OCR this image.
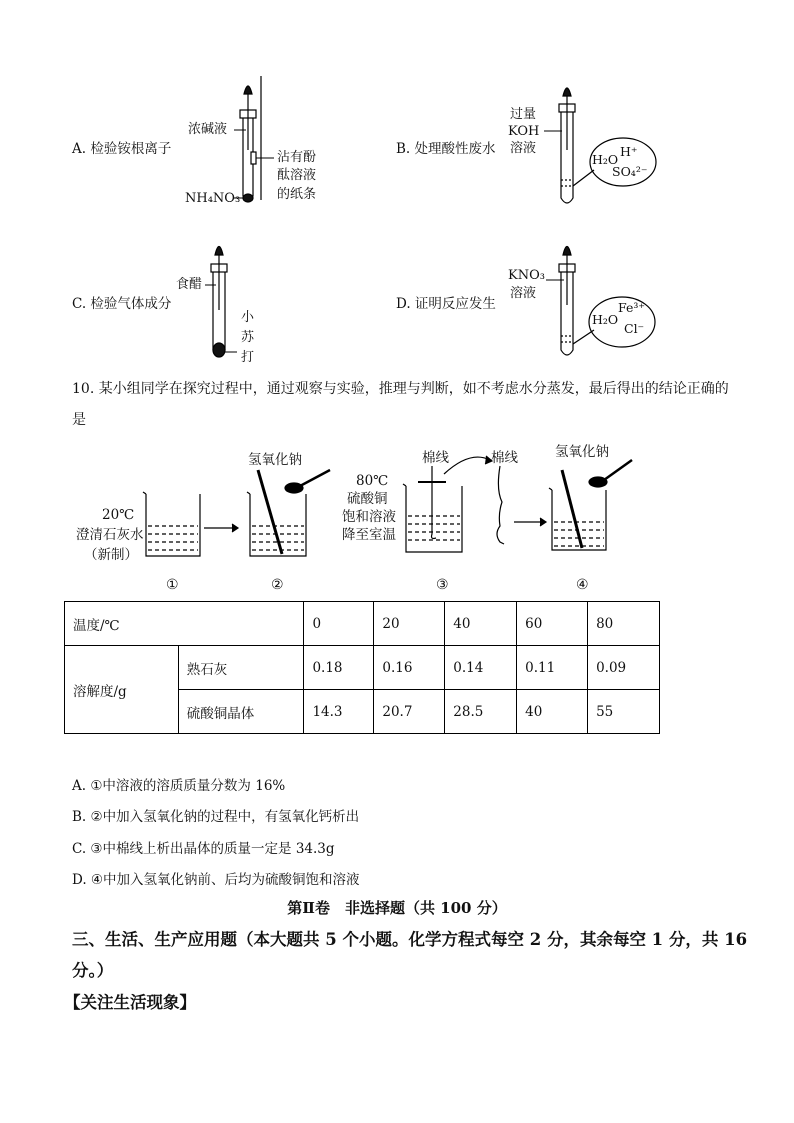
A. 检验铵根离子
浓碱液
沾有酚
酞溶液
的纸条
NH₄NO₃
B. 处理酸性废水
过量
KOH
溶液	H⁺
H₂O
SO₄²⁻
C. 检验气体成分
食醋
小
苏
打
D. 证明反应发生
KNO₃
溶液
Fe³⁺
H₂O
Cl⁻
10. 某小组同学在探究过程中，通过观察与实验，推理与判断，如不考虑水分蒸发，最后得出的结论正确的
是
氢氧化钠	氢氧化钠
棉线	棉线
20℃
澄清石灰水
（新制）
80℃
硫酸铜
饱和溶液
降至室温
①	②	③	④
温度/℃		0	20	40	60	80
溶解度/g	熟石灰	0.18	0.16	0.14	0.11	0.09
	硫酸铜晶体	14.3	20.7	28.5	40	55
A. ①中溶液的溶质质量分数为 16%
B. ②中加入氢氧化钠的过程中，有氢氧化钙析出
C. ③中棉线上析出晶体的质量一定是 34.3g
D. ④中加入氢氧化钠前、后均为硫酸铜饱和溶液
第Ⅱ卷　非选择题（共 100 分）
三、生活、生产应用题（本大题共 5 个小题。化学方程式每空 2 分，其余每空 1 分，共 16
分。）
【关注生活现象】
